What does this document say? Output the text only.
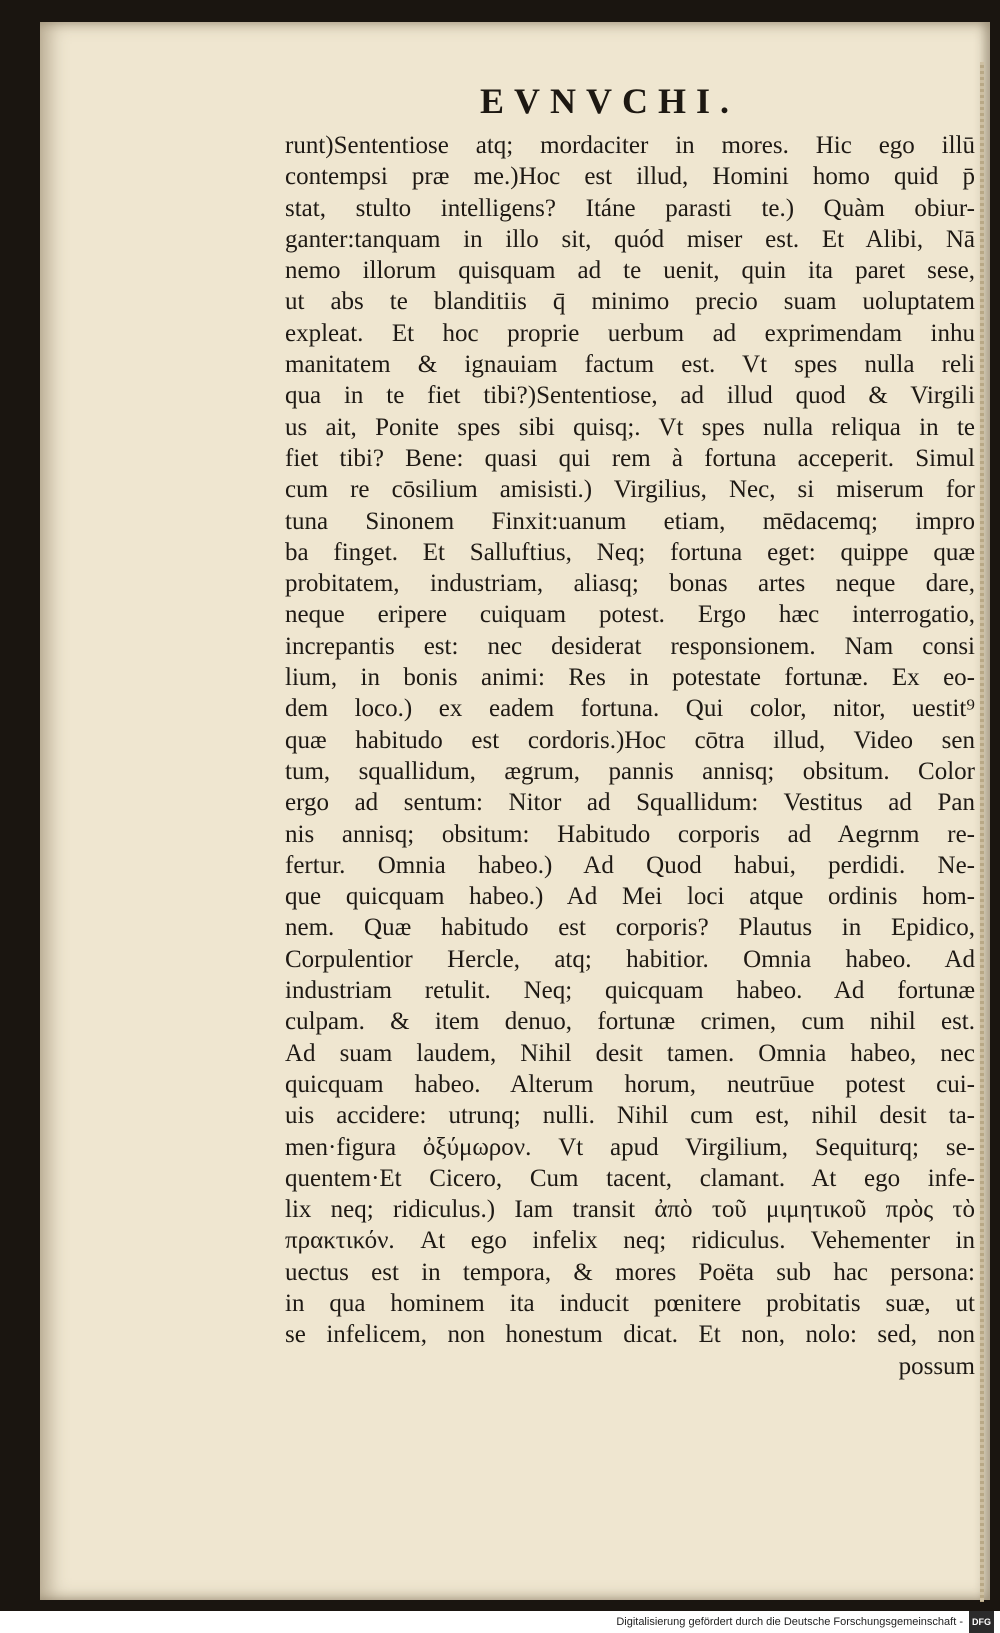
EVNVCHI.
runt)Sententiose atq; mordaciter in mores. Hic ego illū
contempsi præ me.)Hoc est illud, Homini homo quid p̄
stat, stulto intelligens? Itáne parasti te.) Quàm obiur-
ganter:tanquam in illo sit, quód miser est. Et Alibi, Nā
nemo illorum quisquam ad te uenit, quin ita paret sese,
ut abs te blanditiis q̄ minimo precio suam uoluptatem
expleat. Et hoc proprie uerbum ad exprimendam inhu
manitatem & ignauiam factum est. Vt spes nulla reli
qua in te fiet tibi?)Sententiose, ad illud quod & Virgili
us ait, Ponite spes sibi quisq;. Vt spes nulla reliqua in te
fiet tibi? Bene: quasi qui rem à fortuna acceperit. Simul
cum re cōsilium amisisti.) Virgilius, Nec, si miserum for
tuna Sinonem Finxit:uanum etiam, mēdacemq; impro
ba finget. Et Salluftius, Neq; fortuna eget: quippe quæ
probitatem, industriam, aliasq; bonas artes neque dare,
neque eripere cuiquam potest. Ergo hæc interrogatio,
increpantis est: nec desiderat responsionem. Nam consi
lium, in bonis animi: Res in potestate fortunæ. Ex eo-
dem loco.) ex eadem fortuna. Qui color, nitor, uestit⁹
quæ habitudo est cordoris.)Hoc cōtra illud, Video sen
tum, squallidum, ægrum, pannis annisq; obsitum. Color
ergo ad sentum: Nitor ad Squallidum: Vestitus ad Pan
nis annisq; obsitum: Habitudo corporis ad Aegrnm re-
fertur. Omnia habeo.) Ad Quod habui, perdidi. Ne-
que quicquam habeo.) Ad Mei loci atque ordinis hom-
nem. Quæ habitudo est corporis? Plautus in Epidico,
Corpulentior Hercle, atq; habitior. Omnia habeo. Ad
industriam retulit. Neq; quicquam habeo. Ad fortunæ
culpam. & item denuo, fortunæ crimen, cum nihil est.
Ad suam laudem, Nihil desit tamen. Omnia habeo, nec
quicquam habeo. Alterum horum, neutrūue potest cui-
uis accidere: utrunq; nulli. Nihil cum est, nihil desit ta-
men·figura ὀξύμωρον. Vt apud Virgilium, Sequiturq; se-
quentem·Et Cicero, Cum tacent, clamant. At ego infe-
lix neq; ridiculus.) Iam transit ἀπὸ τοῦ μιμητικοῦ πρὸς τὸ
πρακτικόν. At ego infelix neq; ridiculus. Vehementer in
uectus est in tempora, & mores Poëta sub hac persona:
in qua hominem ita inducit pœnitere probitatis suæ, ut
se infelicem, non honestum dicat. Et non, nolo: sed, non
possum
Digitalisierung gefördert durch die Deutsche Forschungsgemeinschaft - DFG
